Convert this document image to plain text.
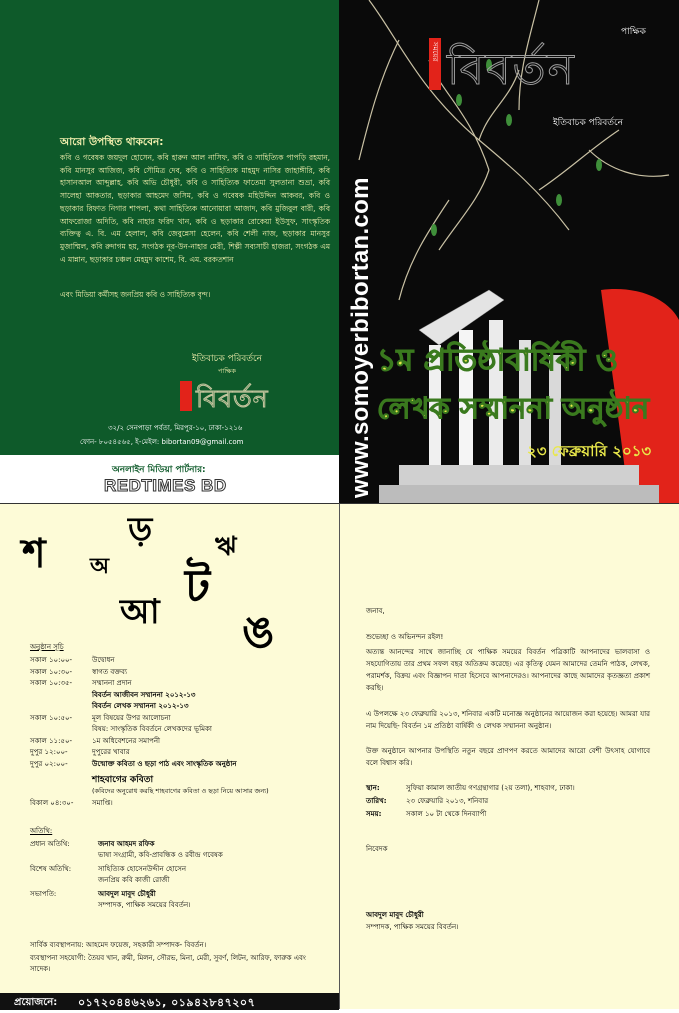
আরো উপস্থিত থাকবেন:
কবি ও গবেষক জয়দুল হোসেন, কবি হারুন আল নাসিফ, কবি ও সাহিত্যিক পাপড়ি রহমান, কবি মানসুর আজিজ, কবি সৌমিত্র দেব, কবি ও সাহিত্যিক মাহমুদ নাসির জাহাঙ্গীরি, কবি হাসানআল আব্দুল্লাহ, কবি অভি চৌধুরী, কবি ও সাহিত্যিক ফাতেমা সুলতানা শুভ্রা, কবি সালেহা আকতার, ছড়াকার আহমেদ জসিম, কবি ও গবেষক মহিউদ্দিন আকবর, কবি ও ছড়াকার রিফাত নিগার শাপলা, কথা সাহিত্যিক আনোয়ারা আজাদ, কবি মুজিবুল বারী, কবি আফরোজা অদিতি, কবি নাহার ফরিদ খান, কবি ও ছড়াকার রোকেয়া ইউসুফ, সাংস্কৃতিক ব্যক্তিত্ব এ. বি. এম হেলাল, কবি জেবুন্নেসা হেলেন, কবি শেলী নাজ, ছড়াকার মানসুর মুজাম্মিল, কবি রুদাগম হয়, সংগঠক নূর-উন-নাহার মেরী, শিল্পী সব্যসাচী হাজরা, সংগঠক এম এ মান্নান, ছড়াকার চঞ্চল মেহমুদ কাশেম, বি. এম. বরকতশান
এবং মিডিয়া কর্মীসহ জনপ্রিয় কবি ও সাহিত্যিক বৃন্দ।
ইতিবাচক পরিবর্তনে
পাক্ষিক
বিবর্তন
৩২/২ সেনপাড়া পর্বতা, মিরপুর-১০, ঢাকা-১২১৬
ফোন- ৮০৫৪৫৬৫, ই-মেইল: bibortan09@gmail.com
অনলাইন মিডিয়া পার্টনার:
REDTIMES BD	www.somoyerbibortan.com
পাক্ষিক
সময়ের বিবর্তন
ইতিবাচক পরিবর্তনে
১ম প্রতিষ্ঠাবার্ষিকী ও
লেখক সম্মাননা অনুষ্ঠান
২৩ ফেব্রুয়ারি ২০১৩
শ
ড় ঋ
অ ট
আ ঙ
অনুষ্ঠান সূচি
সকাল ১০:০০-	উদ্বোধন
সকাল ১০:৩০-	স্বাগত বক্তব্য
সকাল ১০:৩৫-	সম্মাননা প্রদান
বিবর্তন আজীবন সম্মাননা ২০১২-১৩
বিবর্তন লেখক সম্মাননা ২০১২-১৩
সকাল ১০:৫০-	মূল বিষয়ের উপর আলোচনা
বিষয়: সাংস্কৃতিক বিবর্তনে লেখকদের ভূমিকা
সকাল ১১:৫০-	১ম অধিবেশনের সমাপনী
দুপুর ১২:০০-	দুপুরের খাবার
দুপুর ০২:০০-	উন্মোক্ত কবিতা ও ছড়া পাঠ এবং সাংস্কৃতিক অনুষ্ঠান
শাহবাগের কবিতা
(কবিদের অনুরোধ করছি শাহবাগের কবিতা ও ছড়া নিয়ে আসার জন্য)
বিকাল ০৪:৩০-	সমাপ্তি।
অতিথি:
প্রধান অতিথি:	জনাব আহমদ রফিক
ভাষা সংগ্রামী, কবি-প্রাবন্ধিক ও রবীন্দ্র গবেষক
বিশেষ অতিথি:	সাহিত্যিক হোসেনউদ্দীন হোসেন
জনপ্রিয় কবি কাজী রোজী
সভাপতি:	আবদুল মাবুদ চৌধুরী
সম্পাদক, পাক্ষিক সময়ের বিবর্তন।
সার্বিক ব্যবস্থাপনায়: আহমেদ ফয়েজ, সহকারী সম্পাদক- বিবর্তন।
ব্যবস্থাপনা সহযোগী: তৈয়ব খান, রুমী, মিলন, সৌরভ, মিনা, মেরী, সুবর্ণ, লিটন, আরিফ, ফারুক এবং সাদেক।
প্রয়োজনে: ০১৭২০৪৪৬২৬১, ০১৯৪২৮৪৭২০৭
জনাব,
শুভেচ্ছা ও অভিনন্দন রইল!
অত্যন্ত আনন্দের সাথে জানাচ্ছি যে পাক্ষিক সময়ের বিবর্তন পত্রিকাটি আপনাদের ভালবাসা ও সহযোগিতায় তার প্রথম সফল বছর অতিক্রম করেছে। এর কৃতিত্ব যেমন আমাদের তেমনি পাঠক, লেখক, পরামর্শক, বিক্রয় এবং বিজ্ঞাপন দাতা হিসেবে আপনাদেরও। আপনাদের কাছে আমাদের কৃতজ্ঞতা প্রকাশ করছি।
এ উপলক্ষে ২৩ ফেব্রুয়ারি ২০১৩, শনিবার একটি মনোজ্ঞ অনুষ্ঠানের আয়োজন করা হয়েছে। আমরা যার নাম দিয়েছি- বিবর্তন ১ম প্রতিষ্ঠা বার্ষিকী ও লেখক সম্মাননা অনুষ্ঠান।
উক্ত অনুষ্ঠানে আপনার উপস্থিতি নতুন বছরে প্রাণপণ করতে আমাদের আরো বেশী উৎসাহ যোগাবে বলে বিশ্বাস করি।
স্থান:	সুফিয়া কামাল জাতীয় গণগ্রন্থাগার (২য় তলা), শাহবাগ, ঢাকা।
তারিখ:	২৩ ফেব্রুয়ারি ২০১৩, শনিবার
সময়:	সকাল ১০ টা থেকে দিনব্যাপী
নিবেদক
আবদুল মাবুদ চৌধুরী
সম্পাদক, পাক্ষিক সময়ের বিবর্তন।
